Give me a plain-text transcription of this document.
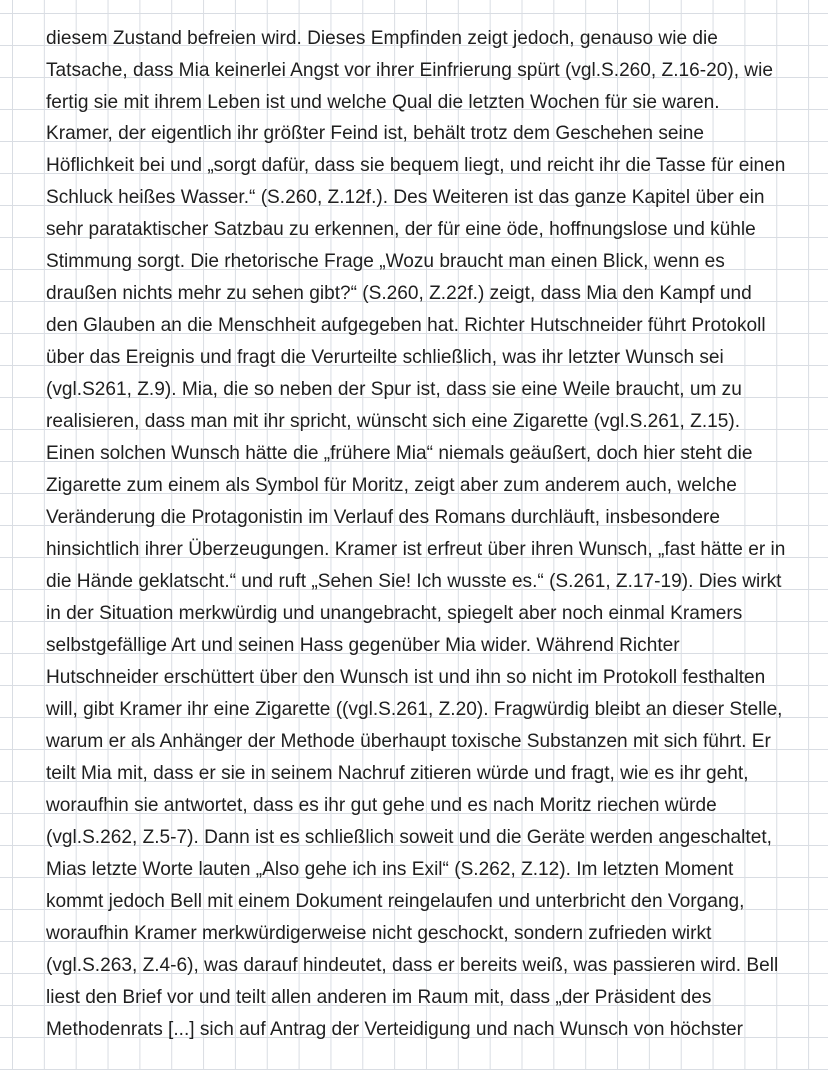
diesem Zustand befreien wird. Dieses Empfinden zeigt jedoch, genauso wie die
Tatsache, dass Mia keinerlei Angst vor ihrer Einfrierung spürt (vgl.S.260, Z.16-20), wie
fertig sie mit ihrem Leben ist und welche Qual die letzten Wochen für sie waren.
Kramer, der eigentlich ihr größter Feind ist, behält trotz dem Geschehen seine
Höflichkeit bei und „sorgt dafür, dass sie bequem liegt, und reicht ihr die Tasse für einen
Schluck heißes Wasser.“ (S.260, Z.12f.). Des Weiteren ist das ganze Kapitel über ein
sehr parataktischer Satzbau zu erkennen, der für eine öde, hoffnungslose und kühle
Stimmung sorgt. Die rhetorische Frage „Wozu braucht man einen Blick, wenn es
draußen nichts mehr zu sehen gibt?“ (S.260, Z.22f.) zeigt, dass Mia den Kampf und
den Glauben an die Menschheit aufgegeben hat. Richter Hutschneider führt Protokoll
über das Ereignis und fragt die Verurteilte schließlich, was ihr letzter Wunsch sei
(vgl.S261, Z.9). Mia, die so neben der Spur ist, dass sie eine Weile braucht, um zu
realisieren, dass man mit ihr spricht, wünscht sich eine Zigarette (vgl.S.261, Z.15).
Einen solchen Wunsch hätte die „frühere Mia“ niemals geäußert, doch hier steht die
Zigarette zum einem als Symbol für Moritz, zeigt aber zum anderem auch, welche
Veränderung die Protagonistin im Verlauf des Romans durchläuft, insbesondere
hinsichtlich ihrer Überzeugungen. Kramer ist erfreut über ihren Wunsch, „fast hätte er in
die Hände geklatscht.“ und ruft „Sehen Sie! Ich wusste es.“ (S.261, Z.17-19). Dies wirkt
in der Situation merkwürdig und unangebracht, spiegelt aber noch einmal Kramers
selbstgefällige Art und seinen Hass gegenüber Mia wider. Während Richter
Hutschneider erschüttert über den Wunsch ist und ihn so nicht im Protokoll festhalten
will, gibt Kramer ihr eine Zigarette ((vgl.S.261, Z.20). Fragwürdig bleibt an dieser Stelle,
warum er als Anhänger der Methode überhaupt toxische Substanzen mit sich führt. Er
teilt Mia mit, dass er sie in seinem Nachruf zitieren würde und fragt, wie es ihr geht,
woraufhin sie antwortet, dass es ihr gut gehe und es nach Moritz riechen würde
(vgl.S.262, Z.5-7). Dann ist es schließlich soweit und die Geräte werden angeschaltet,
Mias letzte Worte lauten „Also gehe ich ins Exil“ (S.262, Z.12). Im letzten Moment
kommt jedoch Bell mit einem Dokument reingelaufen und unterbricht den Vorgang,
woraufhin Kramer merkwürdigerweise nicht geschockt, sondern zufrieden wirkt
(vgl.S.263, Z.4-6), was darauf hindeutet, dass er bereits weiß, was passieren wird. Bell
liest den Brief vor und teilt allen anderen im Raum mit, dass „der Präsident des
Methodenrats [...] sich auf Antrag der Verteidigung und nach Wunsch von höchster
